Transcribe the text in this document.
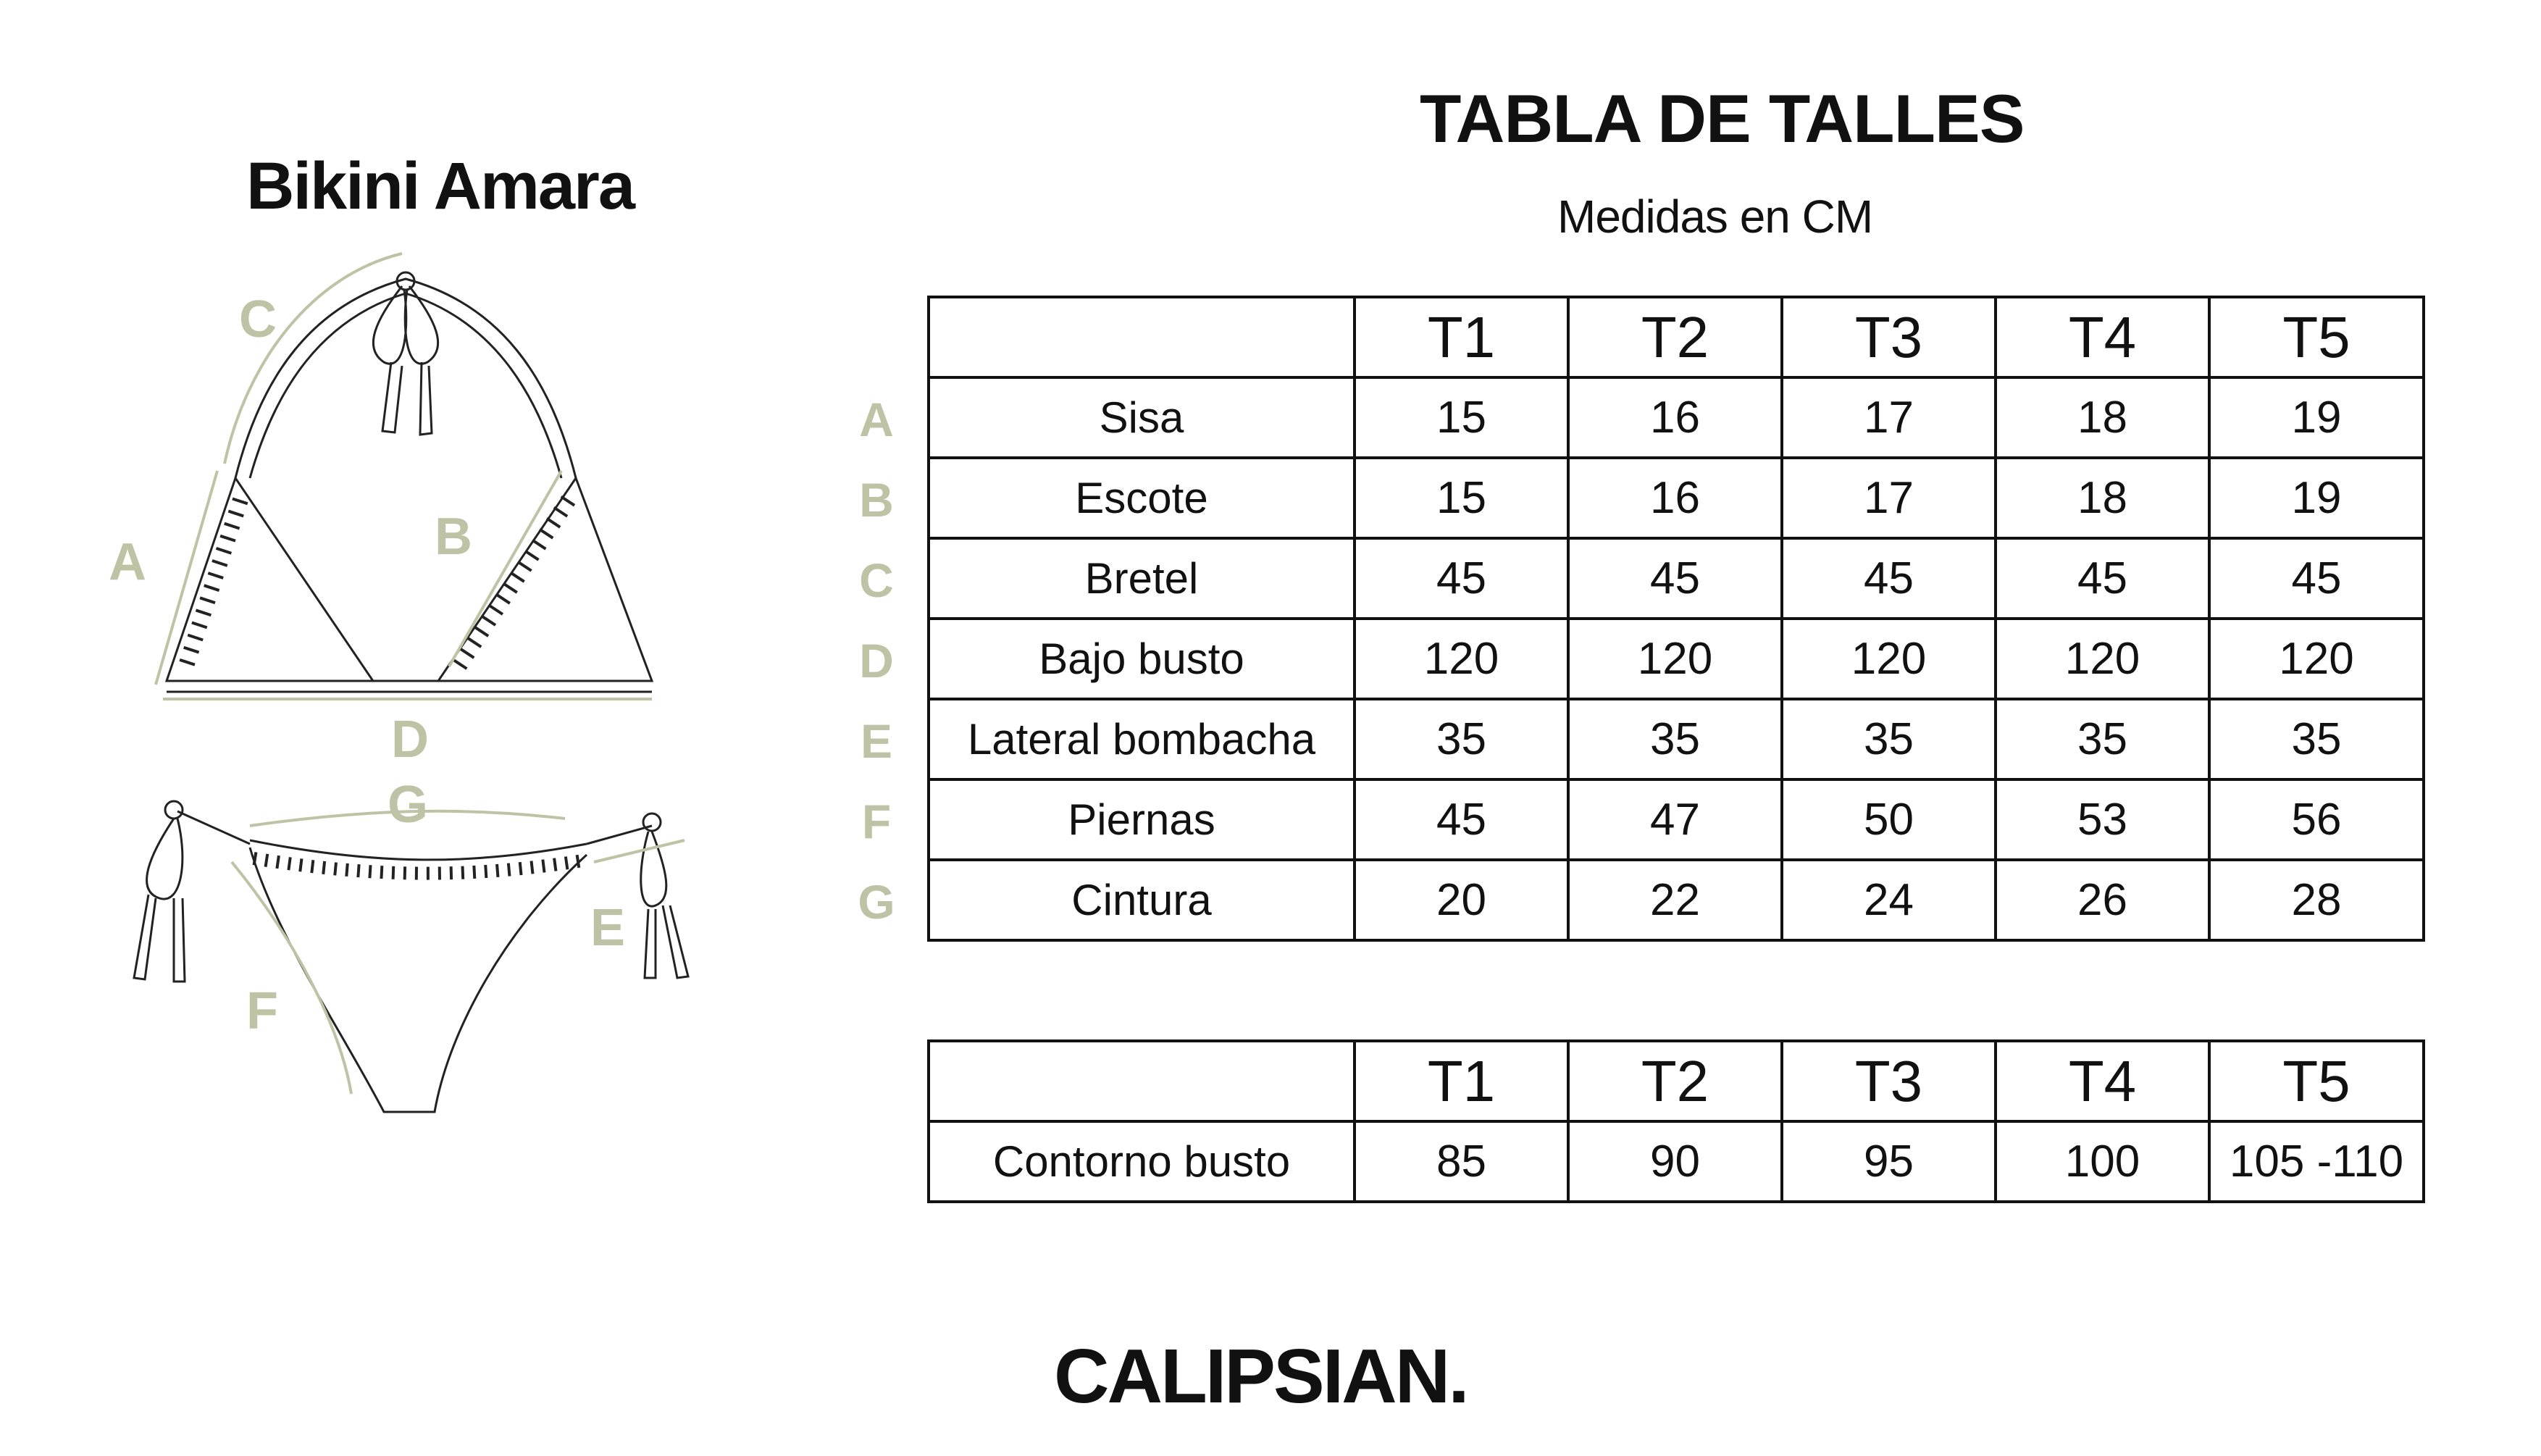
Bikini Amara
TABLA DE TALLES
Medidas en CM
C
A	B
D
G
E
F
A
B
C
D
E
F
G
	T1	T2	T3	T4	T5
Sisa	15	16	17	18	19
Escote	15	16	17	18	19
Bretel	45	45	45	45	45
Bajo busto	120	120	120	120	120
Lateral bombacha	35	35	35	35	35
Piernas	45	47	50	53	56
Cintura	20	22	24	26	28
	T1	T2	T3	T4	T5
Contorno busto	85	90	95	100	105 -110
CALIPSIAN.
